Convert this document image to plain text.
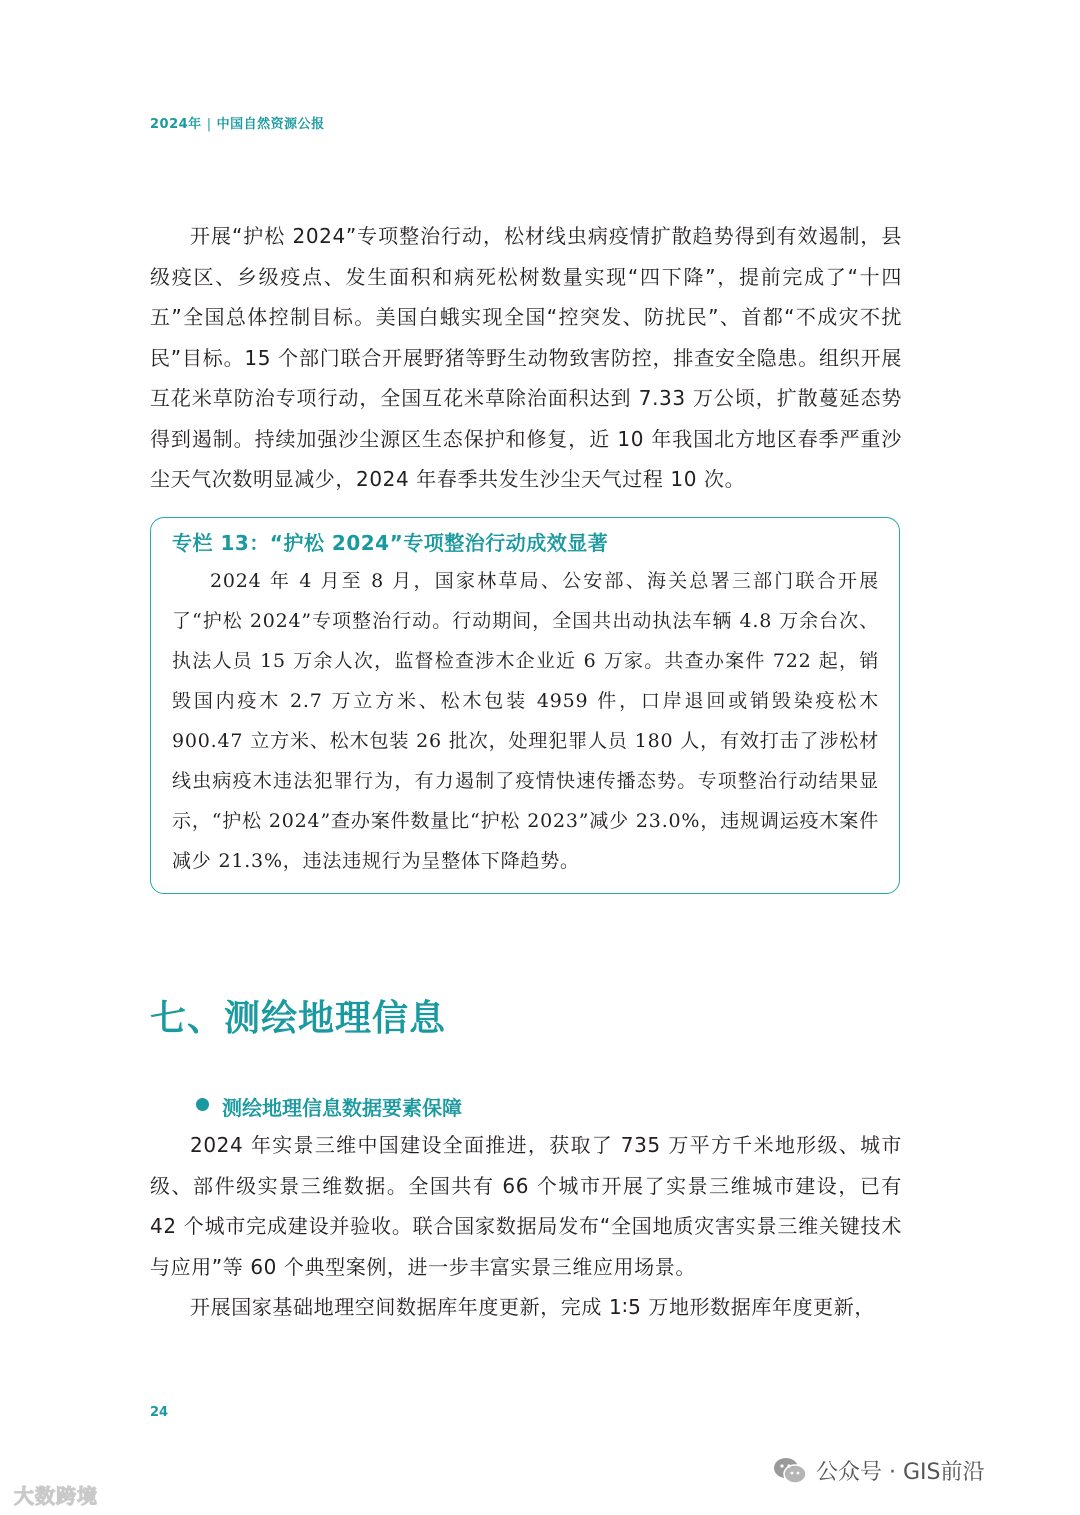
2024年 | 中国自然资源公报

开展“护松 2024”专项整治行动，松材线虫病疫情扩散趋势得到有效遏制，县级疫区、乡级疫点、发生面积和病死松树数量实现“四下降”，提前完成了“十四五”全国总体控制目标。美国白蛾实现全国“控突发、防扰民”、首都“不成灾不扰民”目标。15 个部门联合开展野猪等野生动物致害防控，排查安全隐患。组织开展互花米草防治专项行动，全国互花米草除治面积达到 7.33 万公顷，扩散蔓延态势得到遏制。持续加强沙尘源区生态保护和修复，近 10 年我国北方地区春季严重沙尘天气次数明显减少，2024 年春季共发生沙尘天气过程 10 次。

专栏 13：“护松 2024”专项整治行动成效显著

2024 年 4 月至 8 月，国家林草局、公安部、海关总署三部门联合开展了“护松 2024”专项整治行动。行动期间，全国共出动执法车辆 4.8 万余台次、执法人员 15 万余人次，监督检查涉木企业近 6 万家。共查办案件 722 起，销毁国内疫木 2.7 万立方米、松木包装 4959 件，口岸退回或销毁染疫松木 900.47 立方米、松木包装 26 批次，处理犯罪人员 180 人，有效打击了涉松材线虫病疫木违法犯罪行为，有力遏制了疫情快速传播态势。专项整治行动结果显示，“护松 2024”查办案件数量比“护松 2023”减少 23.0%，违规调运疫木案件减少 21.3%，违法违规行为呈整体下降趋势。

七、测绘地理信息
测绘地理信息数据要素保障

2024 年实景三维中国建设全面推进，获取了 735 万平方千米地形级、城市级、部件级实景三维数据。全国共有 66 个城市开展了实景三维城市建设，已有 42 个城市完成建设并验收。联合国家数据局发布“全国地质灾害实景三维关键技术与应用”等 60 个典型案例，进一步丰富实景三维应用场景。

开展国家基础地理空间数据库年度更新，完成 1∶5 万地形数据库年度更新，

24
大数跨境
公众号 · GIS前沿
